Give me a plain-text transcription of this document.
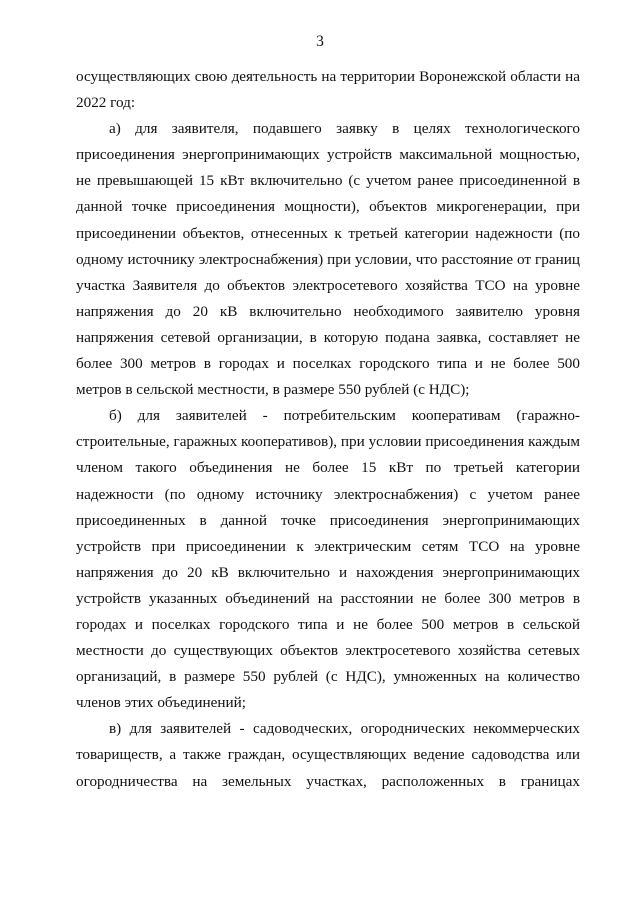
3

осуществляющих свою деятельность на территории Воронежской области на 2022 год:

а) для заявителя, подавшего заявку в целях технологического присоединения энергопринимающих устройств максимальной мощностью, не превышающей 15 кВт включительно (с учетом ранее присоединенной в данной точке присоединения мощности), объектов микрогенерации, при присоединении объектов, отнесенных к третьей категории надежности (по одному источнику электроснабжения) при условии, что расстояние от границ участка Заявителя до объектов электросетевого хозяйства ТСО на уровне напряжения до 20 кВ включительно необходимого заявителю уровня напряжения сетевой организации, в которую подана заявка, составляет не более 300 метров в городах и поселках городского типа и не более 500 метров в сельской местности, в размере 550 рублей (с НДС);

б) для заявителей - потребительским кооперативам (гаражно-строительные, гаражных кооперативов), при условии присоединения каждым членом такого объединения не более 15 кВт по третьей категории надежности (по одному источнику электроснабжения) с учетом ранее присоединенных в данной точке присоединения энергопринимающих устройств при присоединении к электрическим сетям ТСО на уровне напряжения до 20 кВ включительно и нахождения энергопринимающих устройств указанных объединений на расстоянии не более 300 метров в городах и поселках городского типа и не более 500 метров в сельской местности до существующих объектов электросетевого хозяйства сетевых организаций, в размере 550 рублей (с НДС), умноженных на количество членов этих объединений;

в) для заявителей - садоводческих, огороднических некоммерческих товариществ, а также граждан, осуществляющих ведение садоводства или огородничества на земельных участках, расположенных в границах
